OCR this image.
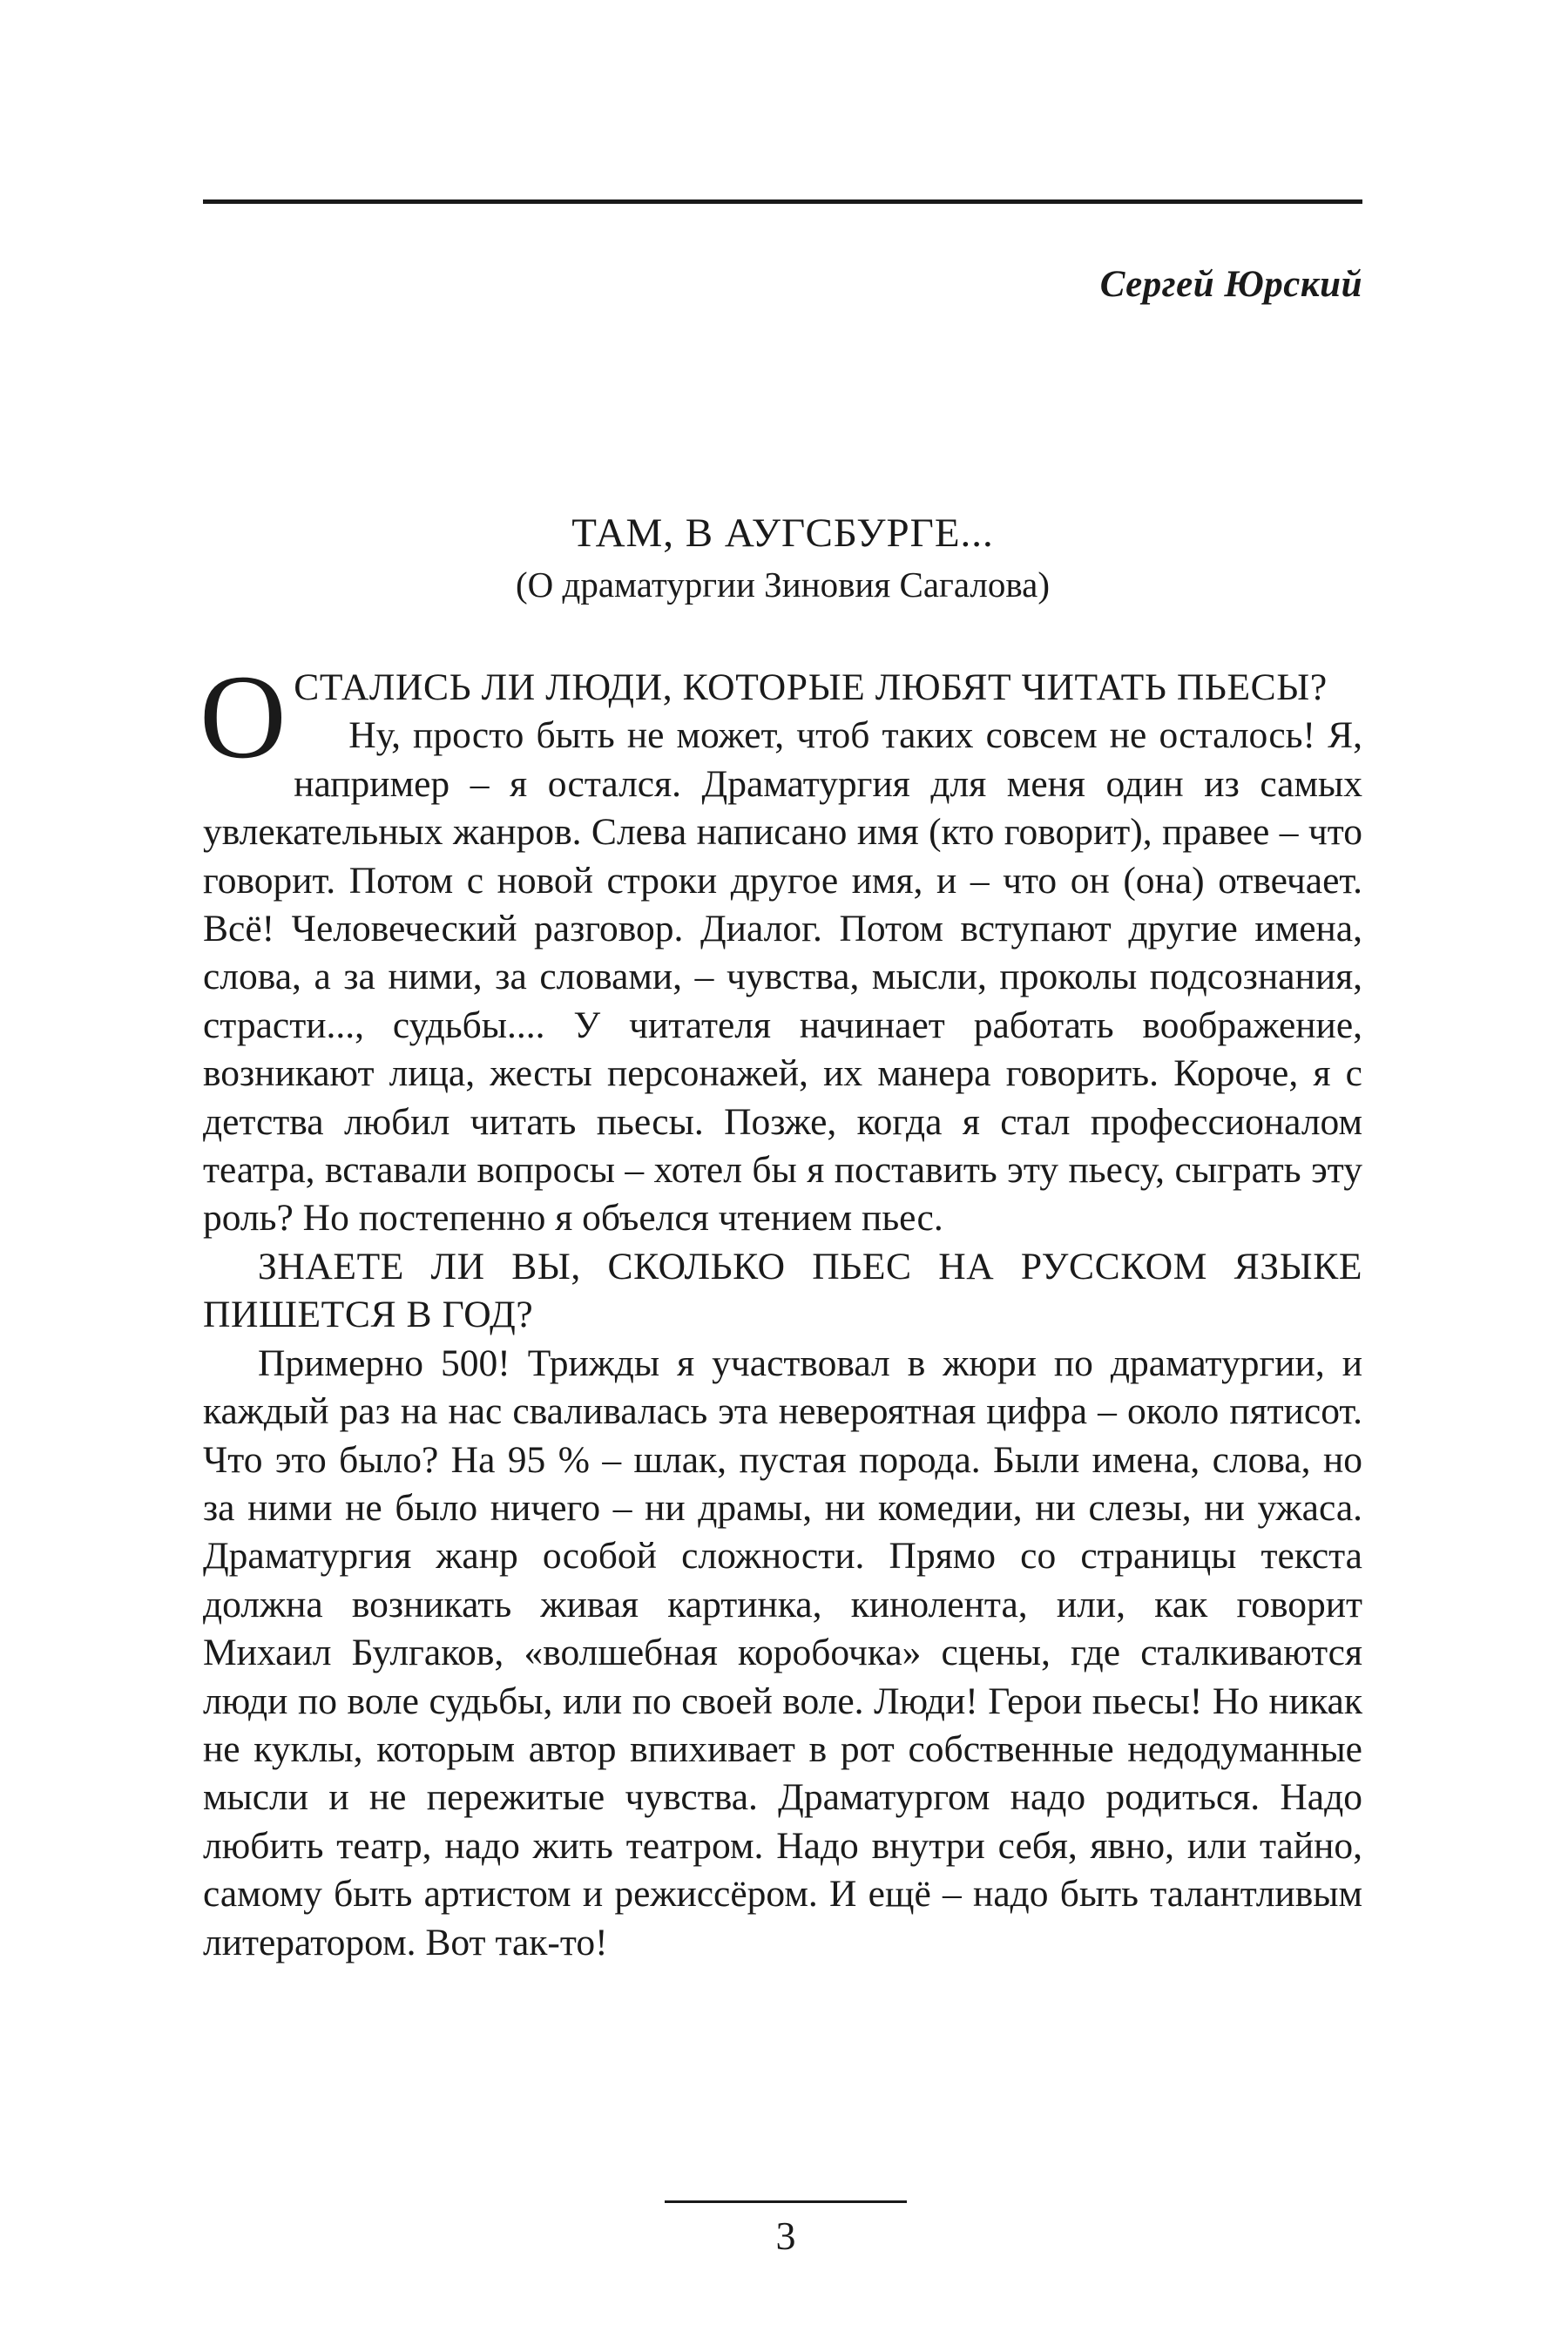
Сергей Юрский
ТАМ, В АУГСБУРГЕ...
(О драматургии Зиновия Сагалова)

ОСТАЛИСЬ ЛИ ЛЮДИ, КОТОРЫЕ ЛЮБЯТ ЧИТАТЬ ПЬЕСЫ?

Ну, просто быть не может, чтоб таких совсем не осталось! Я, например – я остался. Драматургия для меня один из самых увлекательных жанров. Слева написано имя (кто говорит), правее – что говорит. Потом с новой строки другое имя, и – что он (она) отвечает. Всё! Человеческий разговор. Диалог. Потом вступают другие имена, слова, а за ними, за словами, – чувства, мысли, проколы подсознания, страсти..., судьбы.... У читателя начинает работать воображение, возникают лица, жесты персонажей, их манера говорить. Короче, я с детства любил читать пьесы. Позже, когда я стал профессионалом театра, вставали вопросы – хотел бы я поставить эту пьесу, сыграть эту роль? Но постепенно я объелся чтением пьес.

ЗНАЕТЕ ЛИ ВЫ, СКОЛЬКО ПЬЕС НА РУССКОМ ЯЗЫКЕ ПИШЕТСЯ В ГОД?

Примерно 500! Трижды я участвовал в жюри по драматургии, и каждый раз на нас сваливалась эта невероятная цифра – около пятисот. Что это было? На 95 % – шлак, пустая порода. Были имена, слова, но за ними не было ничего – ни драмы, ни комедии, ни слезы, ни ужаса. Драматургия жанр особой сложности. Прямо со страницы текста должна возникать живая картинка, кинолента, или, как говорит Михаил Булгаков, «волшебная коробочка» сцены, где сталкиваются люди по воле судьбы, или по своей воле. Люди! Герои пьесы! Но никак не куклы, которым автор впихивает в рот собственные недодуманные мысли и не пережитые чувства. Драматургом надо родиться. Надо любить театр, надо жить театром. Надо внутри себя, явно, или тайно, самому быть артистом и режиссёром. И ещё – надо быть талантливым литератором. Вот так-то!

3
